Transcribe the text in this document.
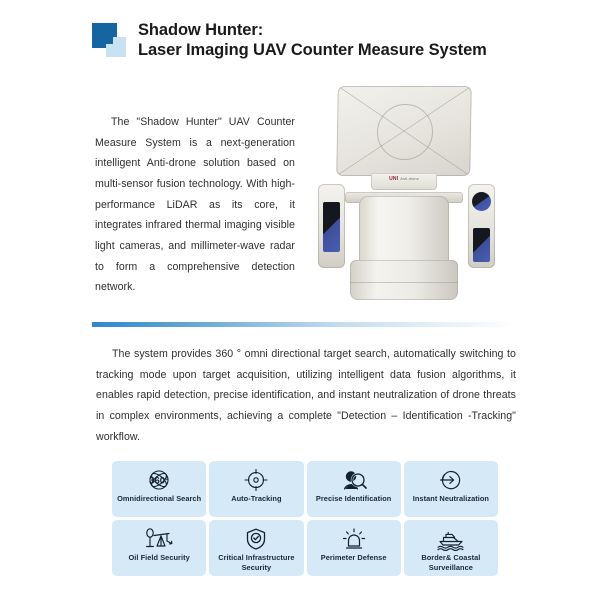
Shadow Hunter:
Laser Imaging UAV Counter Measure System
The "Shadow Hunter" UAV Counter Measure System is a next-generation intelligent Anti-drone solution based on multi-sensor fusion technology. With high-performance LiDAR as its core, it integrates infrared thermal imaging visible light cameras, and millimeter-wave radar to form a comprehensive detection network.
UNI Anti-drone
The system provides 360 ° omni directional target search, automatically switching to tracking mode upon target acquisition, utilizing intelligent data fusion algorithms, it enables rapid detection, precise identification, and instant neutralization of drone threats in complex environments, achieving a complete "Detection – Identification -Tracking" workflow.
360°
Omnidirectional Search	Auto-Tracking	Precise Identification	Instant Neutralization
Oil Field Security	Critical Infrastructure Security
Perimeter Defense	Border& Coastal Surveillance
